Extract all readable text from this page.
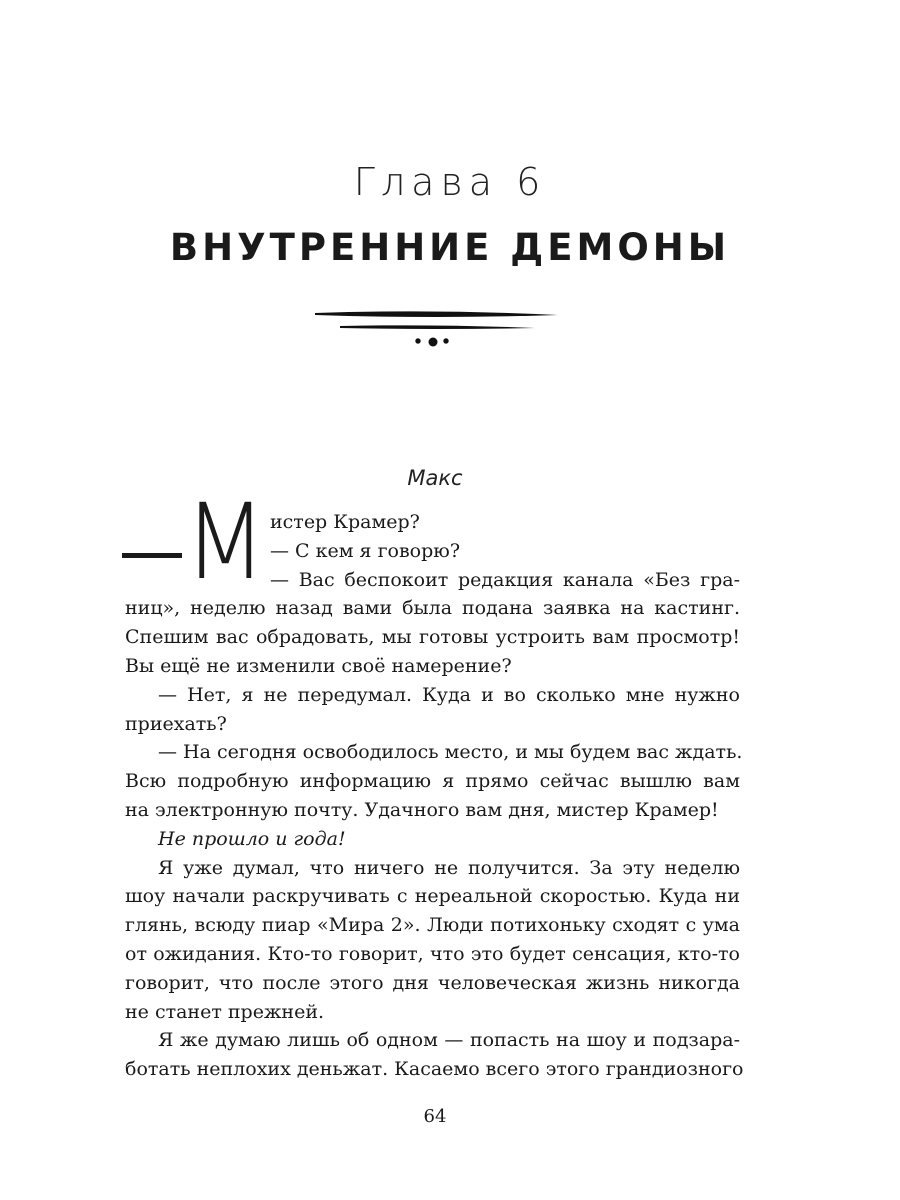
Глава 6
ВНУТРЕННИЕ ДЕМОНЫ
Макс
М истер Крамер?
— С кем я говорю?
— Вас беспокоит редакция канала «Без гра-
ниц», неделю назад вами была подана заявка на кастинг.
Спешим вас обрадовать, мы готовы устроить вам просмотр!
Вы ещё не изменили своё намерение?
— Нет, я не передумал. Куда и во сколько мне нужно
приехать?
— На сегодня освободилось место, и мы будем вас ждать.
Всю подробную информацию я прямо сейчас вышлю вам
на электронную почту. Удачного вам дня, мистер Крамер!
Не прошло и года!
Я уже думал, что ничего не получится. За эту неделю
шоу начали раскручивать с нереальной скоростью. Куда ни
глянь, всюду пиар «Мира 2». Люди потихоньку сходят с ума
от ожидания. Кто-то говорит, что это будет сенсация, кто-то
говорит, что после этого дня человеческая жизнь никогда
не станет прежней.
Я же думаю лишь об одном — попасть на шоу и подзара-
ботать неплохих деньжат. Касаемо всего этого грандиозного
64
